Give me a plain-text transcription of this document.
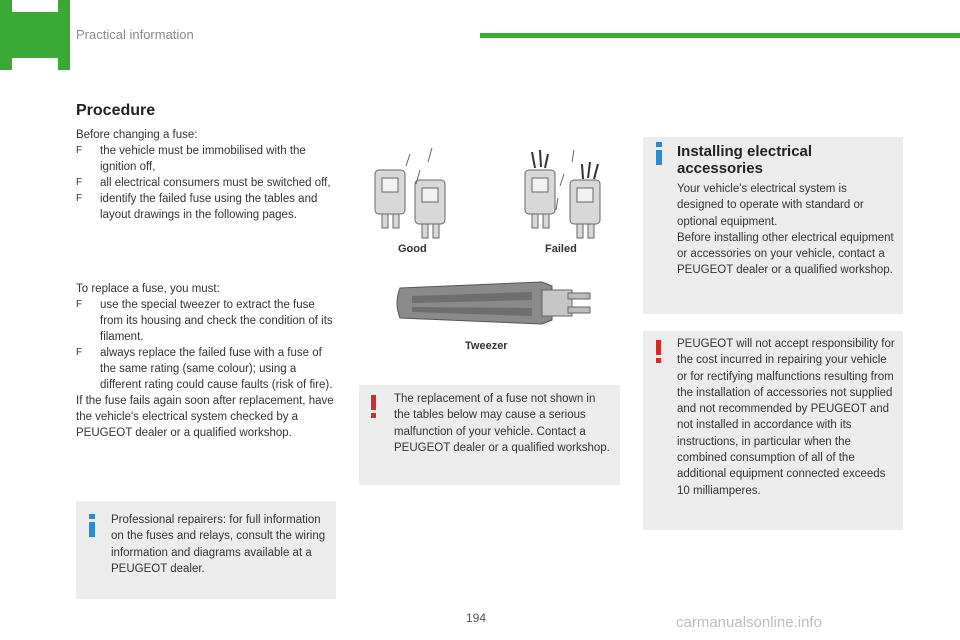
Practical information
Procedure

Before changing a fuse:

F the vehicle must be immobilised with the ignition off,
F all electrical consumers must be switched off,
F identify the failed fuse using the tables and layout drawings in the following pages.

To replace a fuse, you must:

F use the special tweezer to extract the fuse from its housing and check the condition of its filament.
F always replace the failed fuse with a fuse of the same rating (same colour); using a different rating could cause faults (risk of fire).

If the fuse fails again soon after replacement, have the vehicle's electrical system checked by a PEUGEOT dealer or a qualified workshop.

Professional repairers: for full information on the fuses and relays, consult the wiring information and diagrams available at a PEUGEOT dealer.
Good	Failed
Tweezer
The replacement of a fuse not shown in the tables below may cause a serious malfunction of your vehicle. Contact a PEUGEOT dealer or a qualified workshop.
Installing electrical accessories
Your vehicle's electrical system is designed to operate with standard or optional equipment.
Before installing other electrical equipment or accessories on your vehicle, contact a PEUGEOT dealer or a qualified workshop.
PEUGEOT will not accept responsibility for the cost incurred in repairing your vehicle or for rectifying malfunctions resulting from the installation of accessories not supplied and not recommended by PEUGEOT and not installed in accordance with its instructions, in particular when the combined consumption of all of the additional equipment connected exceeds 10 milliamperes.
194	carmanualsonline.info
